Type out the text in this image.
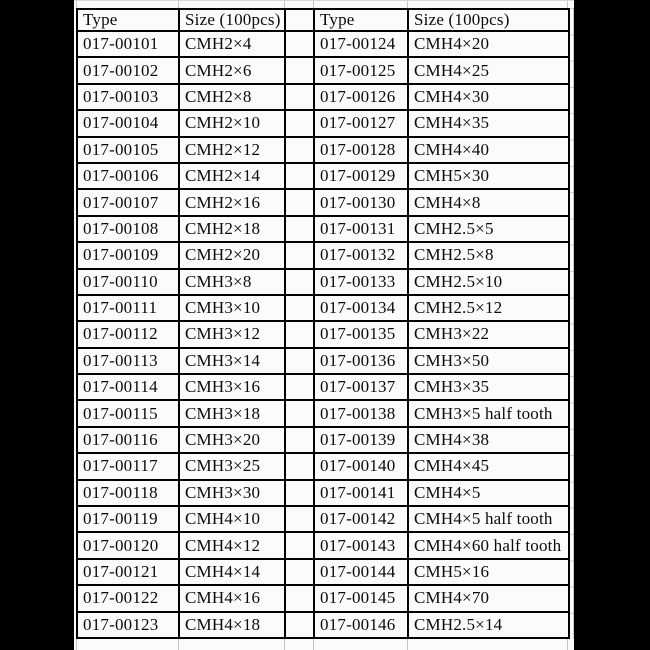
Type	Size (100pcs)		Type	Size (100pcs)
017-00101	CMH2×4		017-00124	CMH4×20
017-00102	CMH2×6		017-00125	CMH4×25
017-00103	CMH2×8		017-00126	CMH4×30
017-00104	CMH2×10		017-00127	CMH4×35
017-00105	CMH2×12		017-00128	CMH4×40
017-00106	CMH2×14		017-00129	CMH5×30
017-00107	CMH2×16		017-00130	CMH4×8
017-00108	CMH2×18		017-00131	CMH2.5×5
017-00109	CMH2×20		017-00132	CMH2.5×8
017-00110	CMH3×8		017-00133	CMH2.5×10
017-00111	CMH3×10		017-00134	CMH2.5×12
017-00112	CMH3×12		017-00135	CMH3×22
017-00113	CMH3×14		017-00136	CMH3×50
017-00114	CMH3×16		017-00137	CMH3×35
017-00115	CMH3×18		017-00138	CMH3×5 half tooth
017-00116	CMH3×20		017-00139	CMH4×38
017-00117	CMH3×25		017-00140	CMH4×45
017-00118	CMH3×30		017-00141	CMH4×5
017-00119	CMH4×10		017-00142	CMH4×5 half tooth
017-00120	CMH4×12		017-00143	CMH4×60 half tooth
017-00121	CMH4×14		017-00144	CMH5×16
017-00122	CMH4×16		017-00145	CMH4×70
017-00123	CMH4×18		017-00146	CMH2.5×14
